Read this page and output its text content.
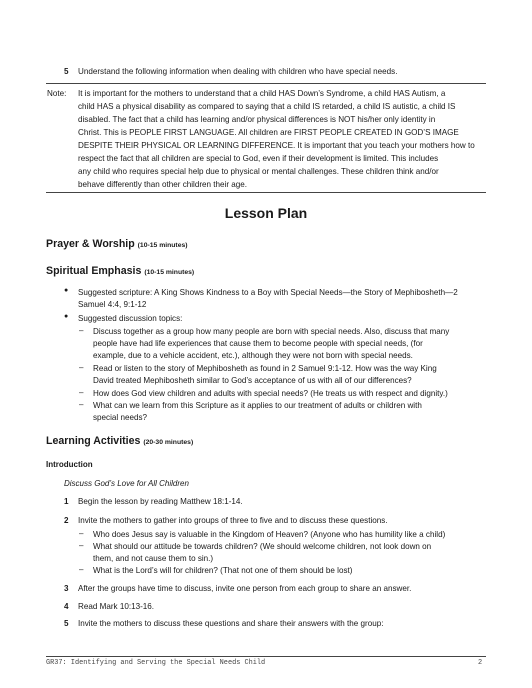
5 Understand the following information when dealing with children who have special needs.
Note: It is important for the mothers to understand that a child HAS Down’s Syndrome, a child HAS Autism, a
child HAS a physical disability as compared to saying that a child IS retarded, a child IS autistic, a child IS
disabled. The fact that a child has learning and/or physical differences is NOT his/her only identity in
Christ. This is PEOPLE FIRST LANGUAGE. All children are FIRST PEOPLE CREATED IN GOD’S IMAGE
DESPITE THEIR PHYSICAL OR LEARNING DIFFERENCE. It is important that you teach your mothers how to
respect the fact that all children are special to God, even if their development is limited. This includes
any child who requires special help due to physical or mental challenges. These children think and/or
behave differently than other children their age.
Lesson Plan
Prayer & Worship (10-15 minutes)
Spiritual Emphasis (10-15 minutes)
● Suggested scripture: A King Shows Kindness to a Boy with Special Needs—the Story of Mephibosheth—2
Samuel 4:4, 9:1-12
● Suggested discussion topics:
– Discuss together as a group how many people are born with special needs. Also, discuss that many
people have had life experiences that cause them to become people with special needs, (for
example, due to a vehicle accident, etc.), although they were not born with special needs.
– Read or listen to the story of Mephibosheth as found in 2 Samuel 9:1-12. How was the way King
David treated Mephibosheth similar to God’s acceptance of us with all of our differences?
– How does God view children and adults with special needs? (He treats us with respect and dignity.)
– What can we learn from this Scripture as it applies to our treatment of adults or children with
special needs?
Learning Activities (20-30 minutes)
Introduction
Discuss God’s Love for All Children
1 Begin the lesson by reading Matthew 18:1-14.
2 Invite the mothers to gather into groups of three to five and to discuss these questions.
– Who does Jesus say is valuable in the Kingdom of Heaven? (Anyone who has humility like a child)
– What should our attitude be towards children? (We should welcome children, not look down on
them, and not cause them to sin.)
– What is the Lord’s will for children? (That not one of them should be lost)
3 After the groups have time to discuss, invite one person from each group to share an answer.
4 Read Mark 10:13-16.
5 Invite the mothers to discuss these questions and share their answers with the group:
GR37: Identifying and Serving the Special Needs Child	2
